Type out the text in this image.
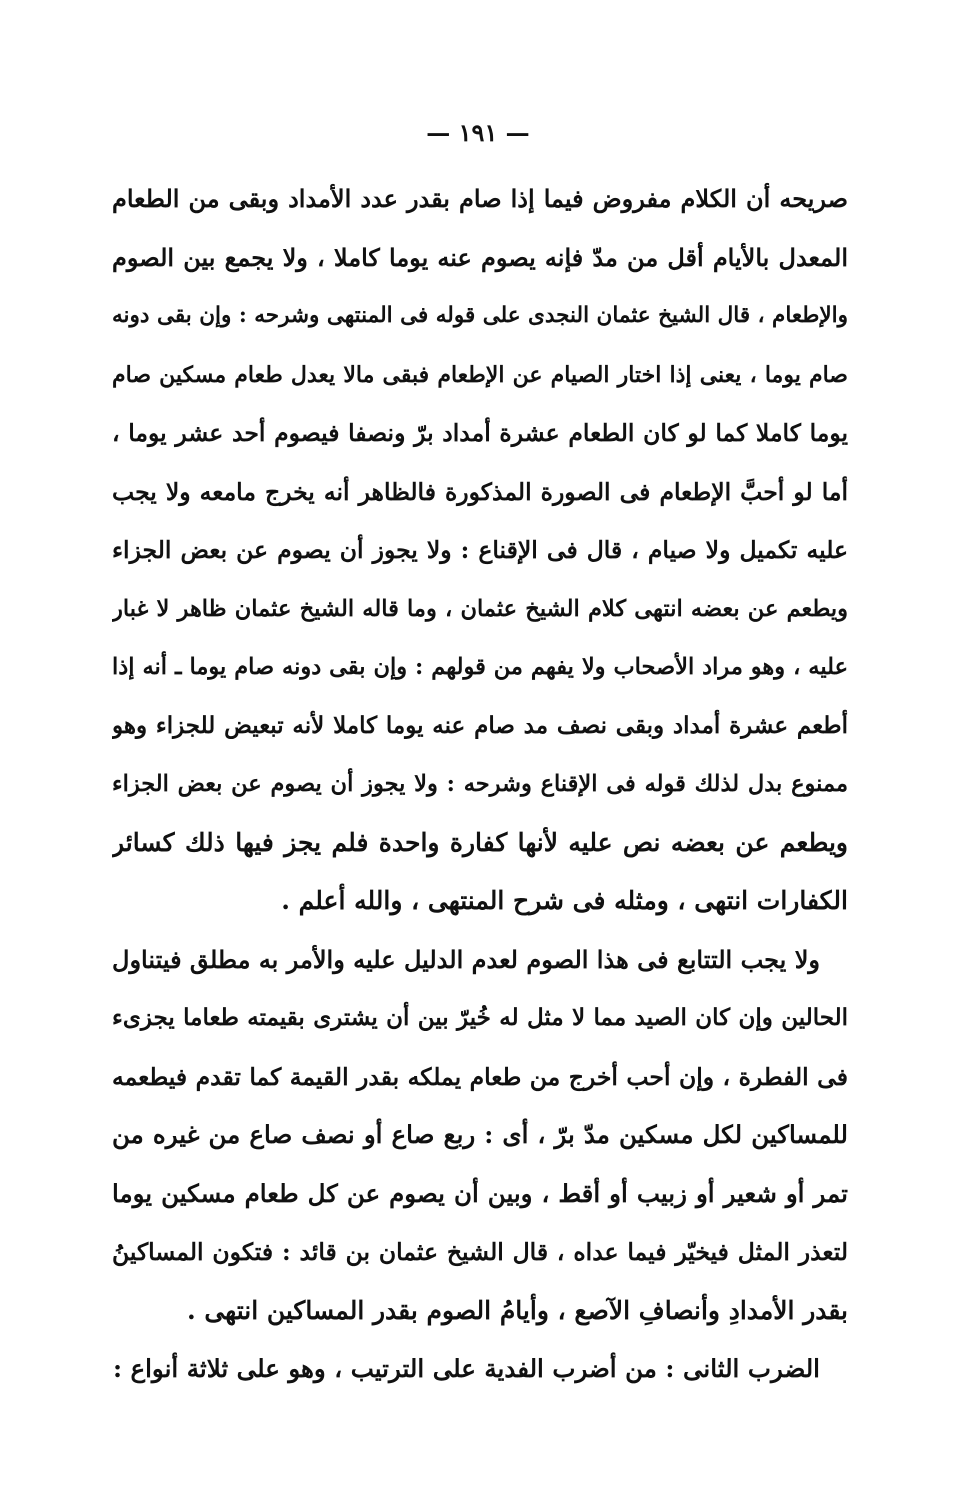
— ١٩١ —

صريحه أن الكلام مفروض فيما إذا صام بقدر عدد الأمداد وبقى من الطعام
المعدل بالأيام أقل من مدّ فإنه يصوم عنه يوما كاملا ، ولا يجمع بين الصوم
والإطعام ، قال الشيخ عثمان النجدى على قوله فى المنتهى وشرحه : وإن بقى دونه
صام يوما ، يعنى إذا اختار الصيام عن الإطعام فبقى مالا يعدل طعام مسكين صام
يوما كاملا كما لو كان الطعام عشرة أمداد برّ ونصفا فيصوم أحد عشر يوما ،
أما لو أحبَّ الإطعام فى الصورة المذكورة فالظاهر أنه يخرج مامعه ولا يجب
عليه تكميل ولا صيام ، قال فى الإقناع : ولا يجوز أن يصوم عن بعض الجزاء
ويطعم عن بعضه انتهى كلام الشيخ عثمان ، وما قاله الشيخ عثمان ظاهر لا غبار
عليه ، وهو مراد الأصحاب ولا يفهم من قولهم : وإن بقى دونه صام يوما ـ أنه إذا
أطعم عشرة أمداد وبقى نصف مد صام عنه يوما كاملا لأنه تبعيض للجزاء وهو
ممنوع بدل لذلك قوله فى الإقناع وشرحه : ولا يجوز أن يصوم عن بعض الجزاء
ويطعم عن بعضه نص عليه لأنها كفارة واحدة فلم يجز فيها ذلك كسائر
الكفارات انتهى ، ومثله فى شرح المنتهى ، والله أعلم .

ولا يجب التتابع فى هذا الصوم لعدم الدليل عليه والأمر به مطلق فيتناول
الحالين وإن كان الصيد مما لا مثل له خُيرّ بين أن يشترى بقيمته طعاما يجزىء
فى الفطرة ، وإن أحب أخرج من طعام يملكه بقدر القيمة كما تقدم فيطعمه
للمساكين لكل مسكين مدّ برّ ، أى : ربع صاع أو نصف صاع من غيره من
تمر أو شعير أو زبيب أو أقط ، وبين أن يصوم عن كل طعام مسكين يوما
لتعذر المثل فيخيّر فيما عداه ، قال الشيخ عثمان بن قائد : فتكون المساكينُ
بقدر الأمدادِ وأنصافِ الآصع ، وأيامُ الصوم بقدر المساكين انتهى .

الضرب الثانى : من أضرب الفدية على الترتيب ، وهو على ثلاثة أنواع :
